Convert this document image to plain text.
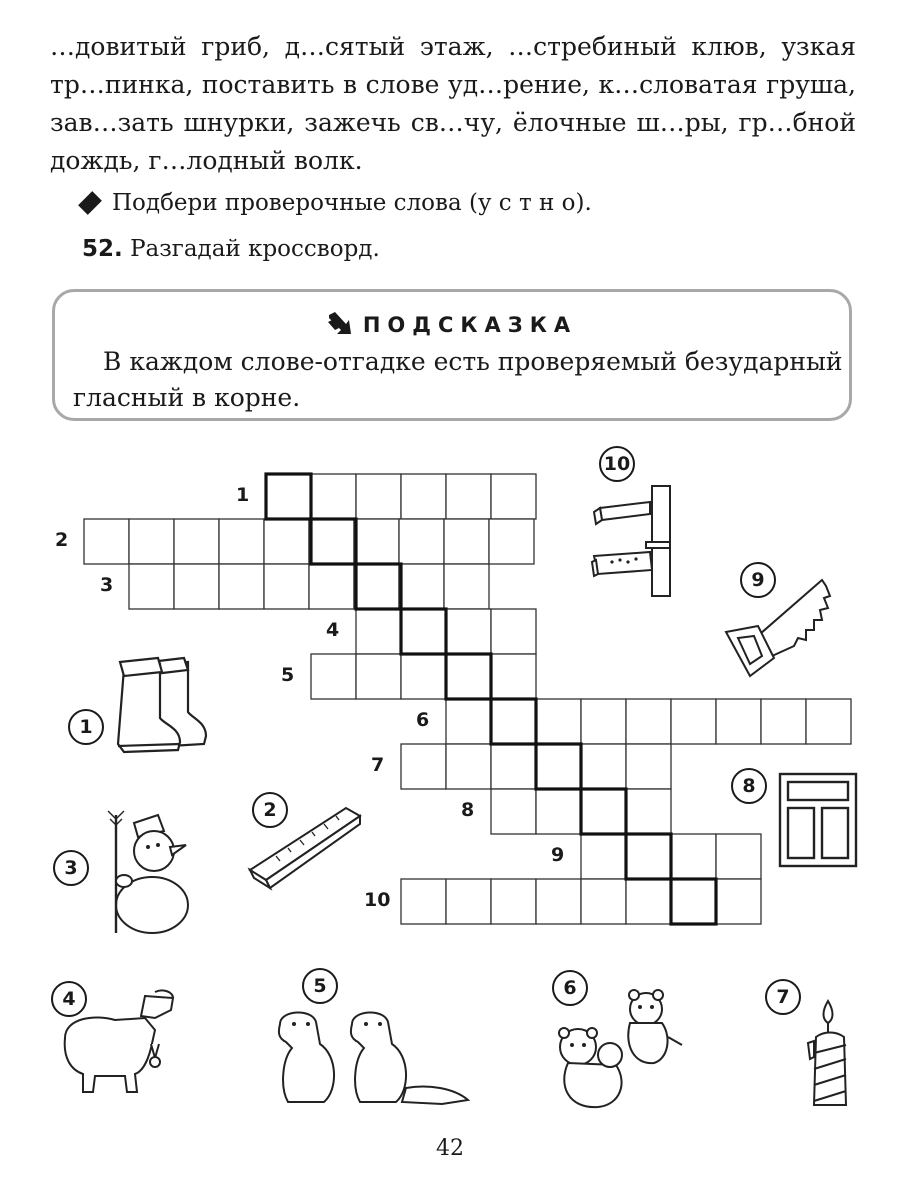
…довитый гриб, д…сятый этаж, …стребиный клюв, узкая
тр…пинка, поставить в слове уд…рение, к…словатая груша,
зав…зать шнурки, зажечь св…чу, ёлочные ш…ры, гр…бной
дождь, г…лодный волк.

Подбери проверочные слова (у с т н о).
52. Разгадай кроссворд.
ПОДСКАЗКА
В каждом слове-отгадке есть проверяемый безударный
гласный в корне.
1
2
3
4
5
6
7
8
9
10
10
9
1
8
2
3
4
5	6	7
42
